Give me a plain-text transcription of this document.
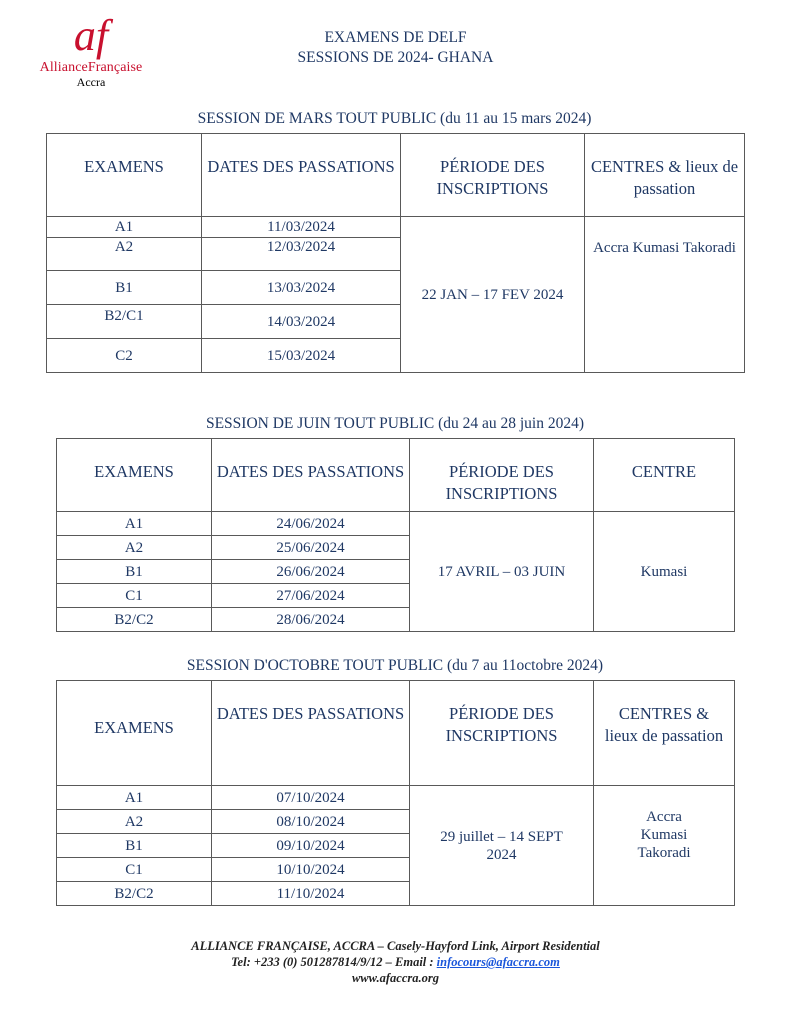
af
AllianceFrançaise
Accra
EXAMENS DE DELF
SESSIONS DE 2024- GHANA
SESSION DE MARS TOUT PUBLIC (du 11 au 15 mars 2024)
EXAMENS	DATES DES PASSATIONS	PÉRIODE DES INSCRIPTIONS	CENTRES & lieux de passation
A1	11/03/2024	22 JAN – 17 FEV 2024	Accra Kumasi Takoradi
A2	12/03/2024		
B1	13/03/2024		
B2/C1	14/03/2024		
C2	15/03/2024		
SESSION DE JUIN TOUT PUBLIC (du 24 au 28 juin 2024)
EXAMENS	DATES DES PASSATIONS	PÉRIODE DES INSCRIPTIONS	CENTRE
A1	24/06/2024	17 AVRIL – 03 JUIN	Kumasi
A2	25/06/2024		
B1	26/06/2024		
C1	27/06/2024		
B2/C2	28/06/2024		
SESSION D'OCTOBRE TOUT PUBLIC (du 7 au 11octobre 2024)
EXAMENS	DATES DES PASSATIONS	PÉRIODE DES INSCRIPTIONS	CENTRES & lieux de passation
A1	07/10/2024	29 juillet – 14 SEPT 2024	Accra Kumasi Takoradi
A2	08/10/2024		
B1	09/10/2024		
C1	10/10/2024		
B2/C2	11/10/2024		
ALLIANCE FRANÇAISE, ACCRA – Casely-Hayford Link, Airport Residential
Tel: +233 (0) 501287814/9/12 – Email : infocours@afaccra.com
www.afaccra.org
